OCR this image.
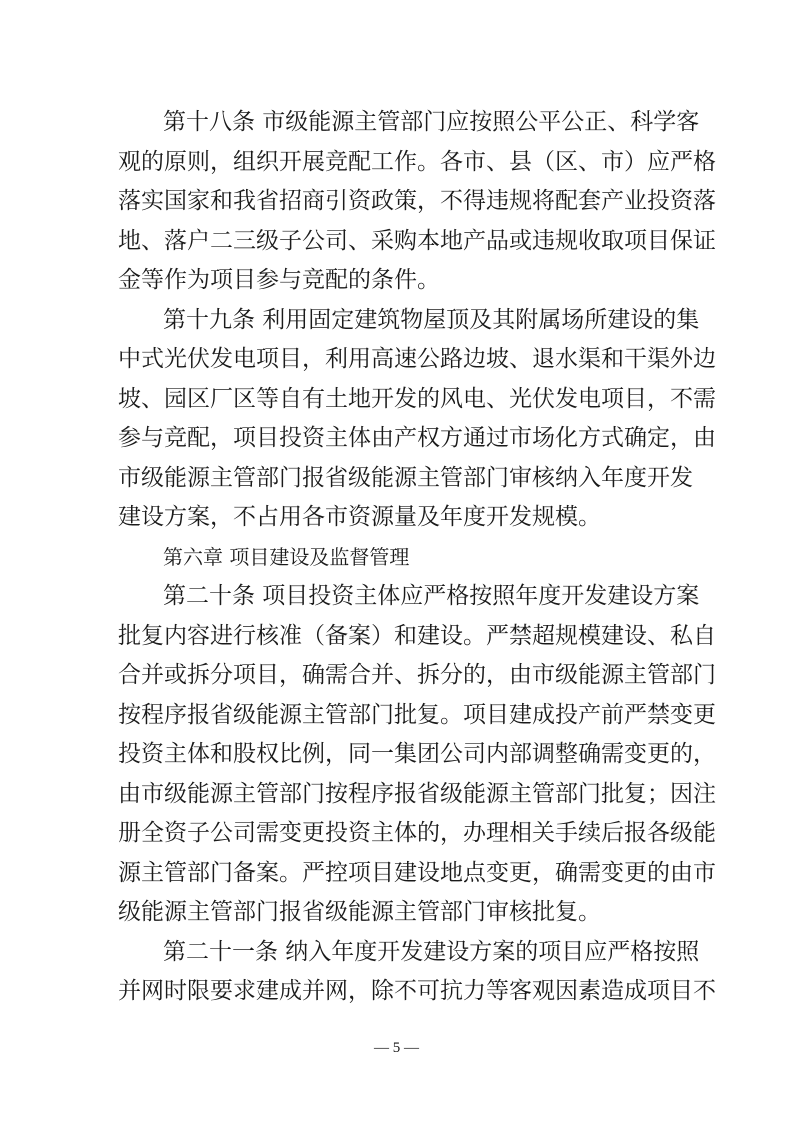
第十八条 市级能源主管部门应按照公平公正、科学客
观的原则，组织开展竞配工作。各市、县（区、市）应严格
落实国家和我省招商引资政策，不得违规将配套产业投资落
地、落户二三级子公司、采购本地产品或违规收取项目保证
金等作为项目参与竞配的条件。
第十九条 利用固定建筑物屋顶及其附属场所建设的集
中式光伏发电项目，利用高速公路边坡、退水渠和干渠外边
坡、园区厂区等自有土地开发的风电、光伏发电项目，不需
参与竞配，项目投资主体由产权方通过市场化方式确定，由
市级能源主管部门报省级能源主管部门审核纳入年度开发
建设方案，不占用各市资源量及年度开发规模。
第六章 项目建设及监督管理
第二十条 项目投资主体应严格按照年度开发建设方案
批复内容进行核准（备案）和建设。严禁超规模建设、私自
合并或拆分项目，确需合并、拆分的，由市级能源主管部门
按程序报省级能源主管部门批复。项目建成投产前严禁变更
投资主体和股权比例，同一集团公司内部调整确需变更的，
由市级能源主管部门按程序报省级能源主管部门批复；因注
册全资子公司需变更投资主体的，办理相关手续后报各级能
源主管部门备案。严控项目建设地点变更，确需变更的由市
级能源主管部门报省级能源主管部门审核批复。
第二十一条 纳入年度开发建设方案的项目应严格按照
并网时限要求建成并网，除不可抗力等客观因素造成项目不
— 5 —
